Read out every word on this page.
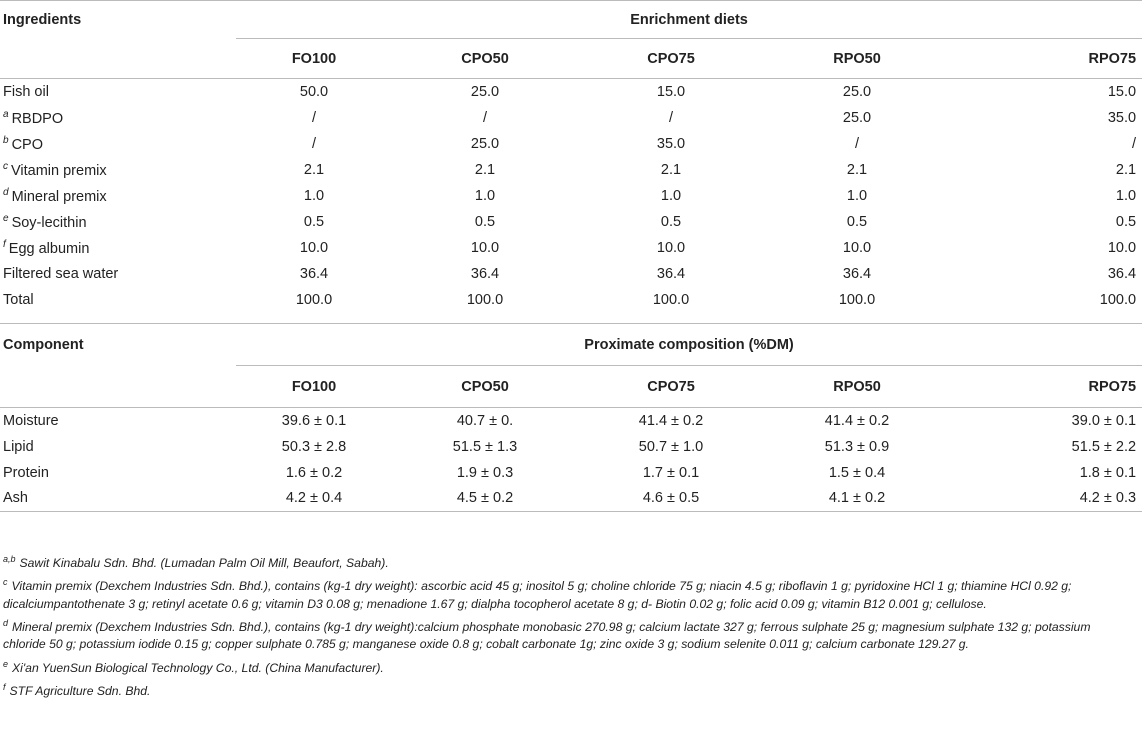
Ingredients	Enrichment diets				
	FO100	CPO50	CPO75	RPO50	RPO75
Fish oil	50.0	25.0	15.0	25.0	15.0
$^a$ RBDPO	/	/	/	25.0	35.0
$^b$ CPO	/	25.0	35.0	/	/
$^c$ Vitamin premix	2.1	2.1	2.1	2.1	2.1
$^d$ Mineral premix	1.0	1.0	1.0	1.0	1.0
$^e$ Soy-lecithin	0.5	0.5	0.5	0.5	0.5
$^f$ Egg albumin	10.0	10.0	10.0	10.0	10.0
Filtered sea water	36.4	36.4	36.4	36.4	36.4
Total	100.0	100.0	100.0	100.0	100.0

Component	Proximate composition (%DM)				
	FO100	CPO50	CPO75	RPO50	RPO75
Moisture	39.6 ± 0.1	40.7 ± 0.	41.4 ± 0.2	41.4 ± 0.2	39.0 ± 0.1
Lipid	50.3 ± 2.8	51.5 ± 1.3	50.7 ± 1.0	51.3 ± 0.9	51.5 ± 2.2
Protein	1.6 ± 0.2	1.9 ± 0.3	1.7 ± 0.1	1.5 ± 0.4	1.8 ± 0.1
Ash	4.2 ± 0.4	4.5 ± 0.2	4.6 ± 0.5	4.1 ± 0.2	4.2 ± 0.3

$^{a,b}$ Sawit Kinabalu Sdn. Bhd. (Lumadan Palm Oil Mill, Beaufort, Sabah).

$^c$ Vitamin premix (Dexchem Industries Sdn. Bhd.), contains (kg-1 dry weight): ascorbic acid 45 g; inositol 5 g; choline chloride 75 g; niacin 4.5 g; riboflavin 1 g; pyridoxine HCl 1 g; thiamine HCl 0.92 g; dicalciumpantothenate 3 g; retinyl acetate 0.6 g; vitamin D3 0.08 g; menadione 1.67 g; dialpha tocopherol acetate 8 g; d- Biotin 0.02 g; folic acid 0.09 g; vitamin B12 0.001 g; cellulose.

$^d$ Mineral premix (Dexchem Industries Sdn. Bhd.), contains (kg-1 dry weight):calcium phosphate monobasic 270.98 g; calcium lactate 327 g; ferrous sulphate 25 g; magnesium sulphate 132 g; potassium chloride 50 g; potassium iodide 0.15 g; copper sulphate 0.785 g; manganese oxide 0.8 g; cobalt carbonate 1g; zinc oxide 3 g; sodium selenite 0.011 g; calcium carbonate 129.27 g.

$^e$ Xi'an YuenSun Biological Technology Co., Ltd. (China Manufacturer).

$^f$ STF Agriculture Sdn. Bhd.
